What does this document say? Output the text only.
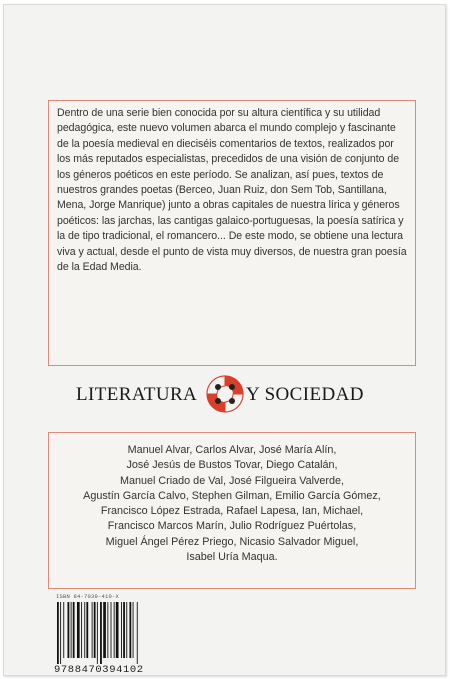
Dentro de una serie bien conocida por su altura científica y su utilidad pedagógica, este nuevo volumen abarca el mundo complejo y fascinante de la poesía medieval en dieciséis comentarios de textos, realizados por los más reputados especialistas, precedidos de una visión de conjunto de los géneros poéticos en este período. Se analizan, así pues, textos de nuestros grandes poetas (Berceo, Juan Ruiz, don Sem Tob, Santillana, Mena, Jorge Manrique) junto a obras capitales de nuestra lírica y géneros poéticos: las jarchas, las cantigas galaico-portuguesas, la poesía satírica y la de tipo tradicional, el romancero... De este modo, se obtiene una lectura viva y actual, desde el punto de vista muy diversos, de nuestra gran poesía de la Edad Media.

LITERATURA	Y SOCIEDAD
Manuel Alvar, Carlos Alvar, José María Alín,
José Jesús de Bustos Tovar, Diego Catalán,
Manuel Criado de Val, José Filgueira Valverde,
Agustín García Calvo, Stephen Gilman, Emilio García Gómez,
Francisco López Estrada, Rafael Lapesa, Ian, Michael,
Francisco Marcos Marín, Julio Rodríguez Puértolas,
Miguel Ángel Pérez Priego, Nicasio Salvador Miguel,
Isabel Uría Maqua.
ISBN 84-7039-410-X
9788470394102
